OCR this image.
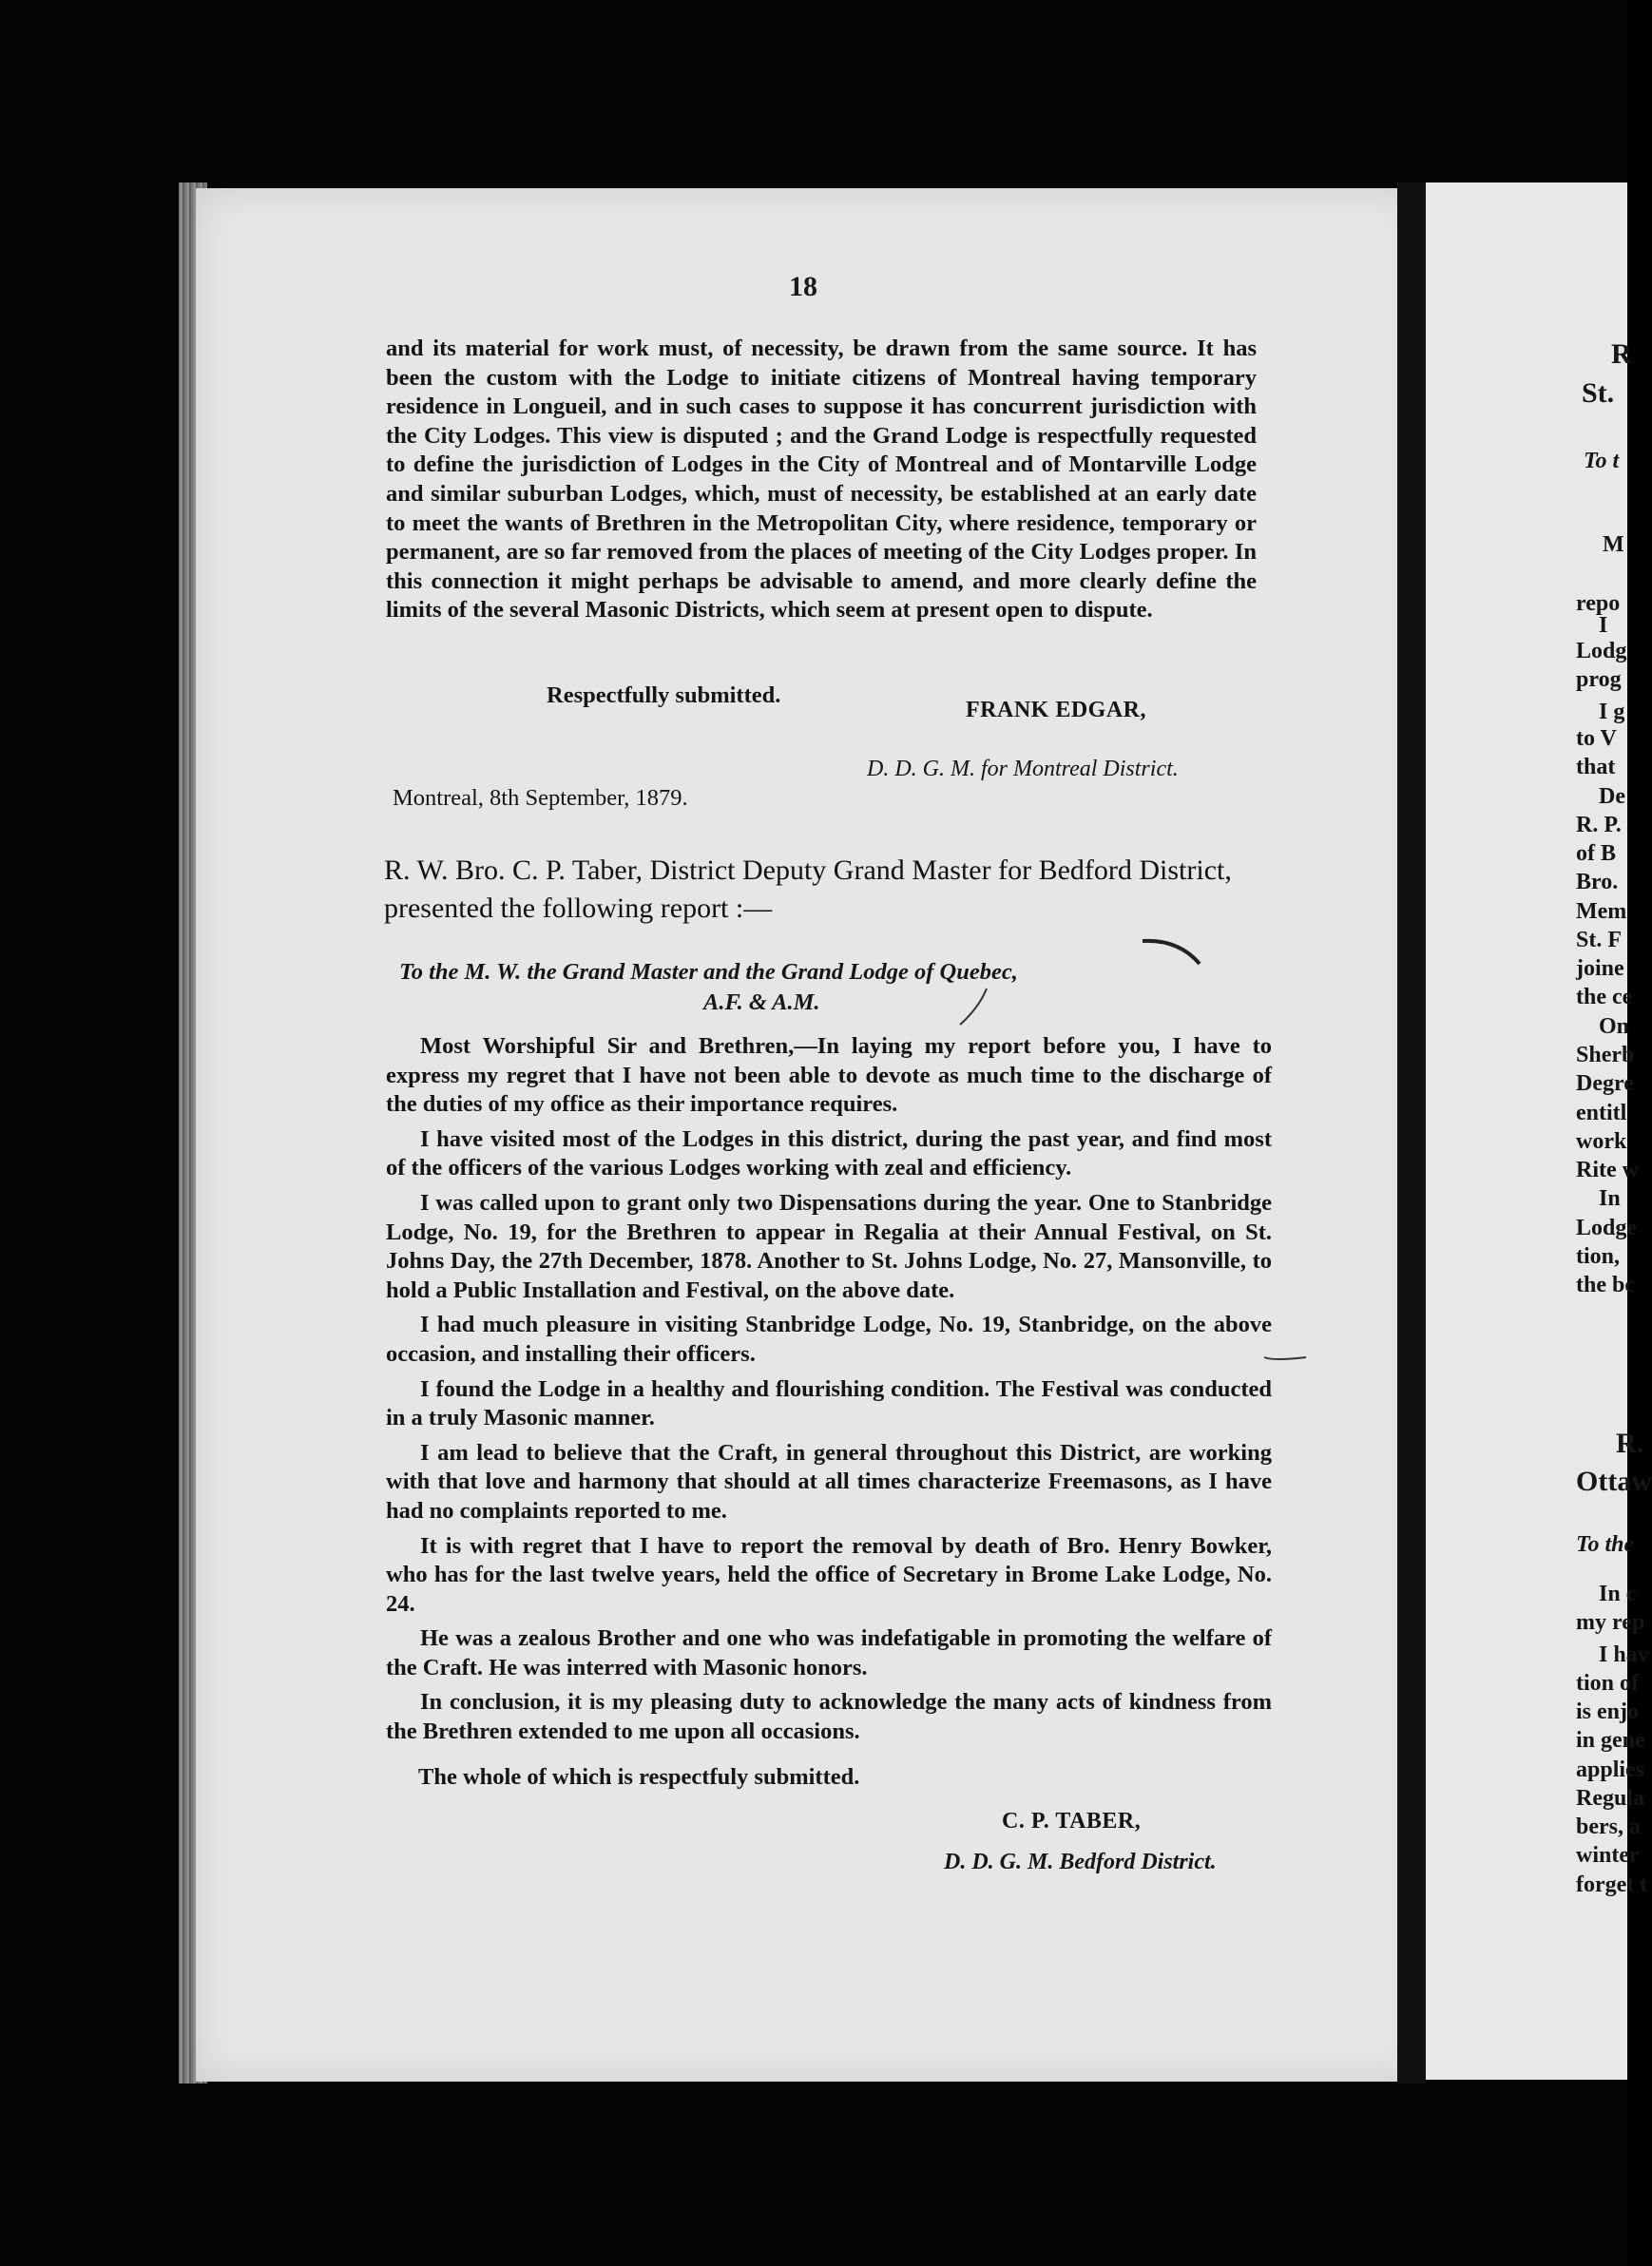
18
and its material for work must, of necessity, be drawn from the same source. It has been the custom with the Lodge to initiate citizens of Montreal having temporary residence in Longueil, and in such cases to suppose it has concurrent jurisdiction with the City Lodges. This view is disputed ; and the Grand Lodge is respectfully requested to define the jurisdiction of Lodges in the City of Montreal and of Montarville Lodge and similar suburban Lodges, which, must of necessity, be established at an early date to meet the wants of Brethren in the Metropolitan City, where residence, temporary or permanent, are so far removed from the places of meeting of the City Lodges proper. In this connection it might perhaps be advisable to amend, and more clearly define the limits of the several Masonic Districts, which seem at present open to dispute.
Respectfully submitted.
FRANK EDGAR,
D. D. G. M. for Montreal District.
Montreal, 8th September, 1879.
R. W. Bro. C. P. Taber, District Deputy Grand Master for Bedford District, presented the following report :—
To the M. W. the Grand Master and the Grand Lodge of Quebec,
A.F. & A.M.

Most Worshipful Sir and Brethren,—In laying my report before you, I have to express my regret that I have not been able to devote as much time to the discharge of the duties of my office as their importance requires.

I have visited most of the Lodges in this district, during the past year, and find most of the officers of the various Lodges working with zeal and efficiency.

I was called upon to grant only two Dispensations during the year. One to Stanbridge Lodge, No. 19, for the Brethren to appear in Regalia at their Annual Festival, on St. Johns Day, the 27th December, 1878. Another to St. Johns Lodge, No. 27, Mansonville, to hold a Public Installation and Festival, on the above date.

I had much pleasure in visiting Stanbridge Lodge, No. 19, Stanbridge, on the above occasion, and installing their officers.

I found the Lodge in a healthy and flourishing condition. The Festival was conducted in a truly Masonic manner.

I am lead to believe that the Craft, in general throughout this District, are working with that love and harmony that should at all times characterize Freemasons, as I have had no complaints reported to me.

It is with regret that I have to report the removal by death of Bro. Henry Bowker, who has for the last twelve years, held the office of Secretary in Brome Lake Lodge, No. 24.

He was a zealous Brother and one who was indefatigable in promoting the welfare of the Craft. He was interred with Masonic honors.

In conclusion, it is my pleasing duty to acknowledge the many acts of kindness from the Brethren extended to me upon all occasions.

The whole of which is respectfuly submitted.
C. P. TABER,
D. D. G. M. Bedford District.
R
St.
To t
M
repo
I
Lodg
prog
I g
to V
that
De
R. P.
of B
Bro.
Mem
St. F
joine
the ce
On
Sherb
Degre
entitl
work
Rite w
In
Lodge
tion,
the bc
R.
Ottaw
To the
In c
my rep
I hav
tion of
is enjo
in gene
applies
Regula
bers, a
winter
forget t
